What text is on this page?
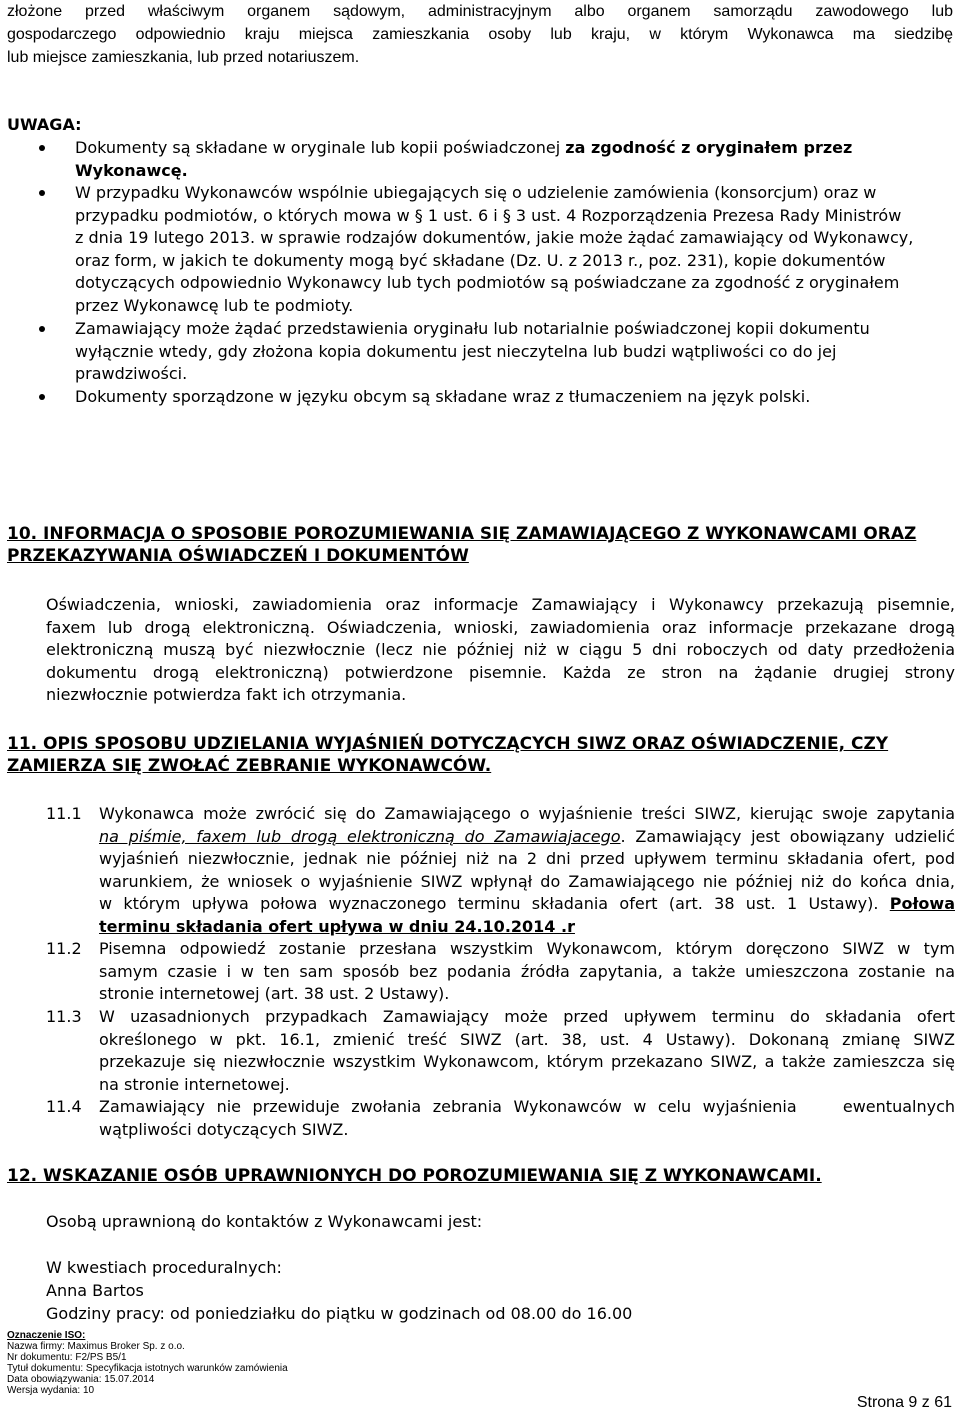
złożone przed właściwym organem sądowym, administracyjnym albo organem samorządu zawodowego lub
gospodarczego odpowiednio kraju miejsca zamieszkania osoby lub kraju, w którym Wykonawca ma siedzibę
lub miejsce zamieszkania, lub przed notariuszem.
UWAGA:
Dokumenty są składane w oryginale lub kopii poświadczonej za zgodność z oryginałem przez
Wykonawcę.
W przypadku Wykonawców wspólnie ubiegających się o udzielenie zamówienia (konsorcjum) oraz w
przypadku podmiotów, o których mowa w § 1 ust. 6 i § 3 ust. 4 Rozporządzenia Prezesa Rady Ministrów
z dnia 19 lutego 2013. w sprawie rodzajów dokumentów, jakie może żądać zamawiający od Wykonawcy,
oraz form, w jakich te dokumenty mogą być składane (Dz. U. z 2013 r., poz. 231), kopie dokumentów
dotyczących odpowiednio Wykonawcy lub tych podmiotów są poświadczane za zgodność z oryginałem
przez Wykonawcę lub te podmioty.
Zamawiający może żądać przedstawienia oryginału lub notarialnie poświadczonej kopii dokumentu
wyłącznie wtedy, gdy złożona kopia dokumentu jest nieczytelna lub budzi wątpliwości co do jej
prawdziwości.
Dokumenty sporządzone w języku obcym są składane wraz z tłumaczeniem na język polski.
10. INFORMACJA O SPOSOBIE POROZUMIEWANIA SIĘ ZAMAWIAJĄCEGO Z WYKONAWCAMI ORAZ
PRZEKAZYWANIA OŚWIADCZEŃ I DOKUMENTÓW
Oświadczenia, wnioski, zawiadomienia oraz informacje Zamawiający i Wykonawcy przekazują pisemnie,
faxem lub drogą elektroniczną. Oświadczenia, wnioski, zawiadomienia oraz informacje przekazane drogą
elektroniczną muszą być niezwłocznie (lecz nie później niż w ciągu 5 dni roboczych od daty przedłożenia
dokumentu drogą elektroniczną) potwierdzone pisemnie. Każda ze stron na żądanie drugiej strony
niezwłocznie potwierdza fakt ich otrzymania.
11. OPIS SPOSOBU UDZIELANIA WYJAŚNIEŃ DOTYCZĄCYCH SIWZ ORAZ OŚWIADCZENIE, CZY
ZAMIERZA SIĘ ZWOŁAĆ ZEBRANIE WYKONAWCÓW.
11.1 Wykonawca może zwrócić się do Zamawiającego o wyjaśnienie treści SIWZ, kierując swoje zapytania
na piśmie, faxem lub drogą elektroniczną do Zamawiajacego. Zamawiający jest obowiązany udzielić
wyjaśnień niezwłocznie, jednak nie później niż na 2 dni przed upływem terminu składania ofert, pod
warunkiem, że wniosek o wyjaśnienie SIWZ wpłynął do Zamawiającego nie później niż do końca dnia,
w którym upływa połowa wyznaczonego terminu składania ofert (art. 38 ust. 1 Ustawy). Połowa
terminu składania ofert upływa w dniu 24.10.2014 .r
11.2 Pisemna odpowiedź zostanie przesłana wszystkim Wykonawcom, którym doręczono SIWZ w tym
samym czasie i w ten sam sposób bez podania źródła zapytania, a także umieszczona zostanie na
stronie internetowej (art. 38 ust. 2 Ustawy).
11.3 W uzasadnionych przypadkach Zamawiający może przed upływem terminu do składania ofert
określonego w pkt. 16.1, zmienić treść SIWZ (art. 38, ust. 4 Ustawy). Dokonaną zmianę SIWZ
przekazuje się niezwłocznie wszystkim Wykonawcom, którym przekazano SIWZ, a także zamieszcza się
na stronie internetowej.
11.4 Zamawiający nie przewiduje zwołania zebrania Wykonawców w celu wyjaśnienia    ewentualnych
wątpliwości dotyczących SIWZ.
12. WSKAZANIE OSÓB UPRAWNIONYCH DO POROZUMIEWANIA SIĘ Z WYKONAWCAMI.
Osobą uprawnioną do kontaktów z Wykonawcami jest:
W kwestiach proceduralnych:
Anna Bartos
Godziny pracy: od poniedziałku do piątku w godzinach od 08.00 do 16.00
Oznaczenie ISO:
Nazwa firmy: Maximus Broker Sp. z o.o.
Nr dokumentu: F2/PS B5/1
Tytuł dokumentu: Specyfikacja istotnych warunków zamówienia
Data obowiązywania: 15.07.2014
Wersja wydania: 10
Strona 9 z 61
